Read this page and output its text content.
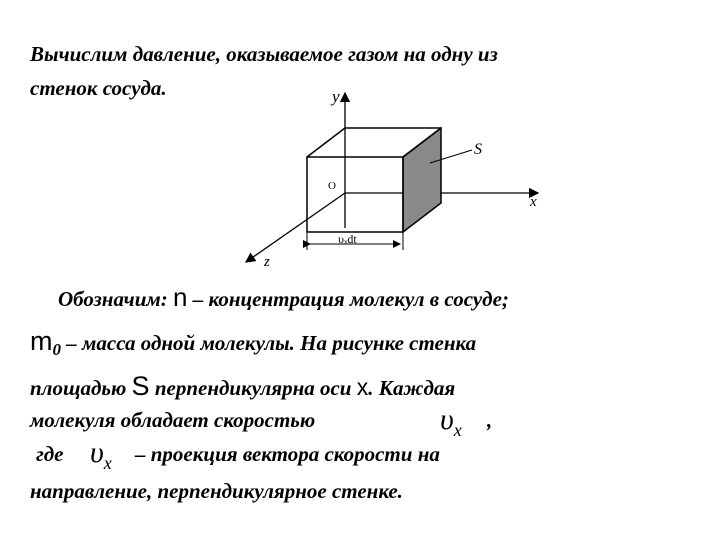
Вычислим давление, оказываемое газом на одну из
стенок сосуда.	y
x
z
O
S
υₓdt
Обозначим: n – концентрация молекул в сосуде;
$m_0$ – масса одной молекулы. На рисунке стенка
площадью S перпендикулярна оси x. Каждая
молекуля обладает скоростью	$\upsilon_x$ ,
где $\upsilon_x$ – проекция вектора скорости на
направление, перпендикулярное стенке.
